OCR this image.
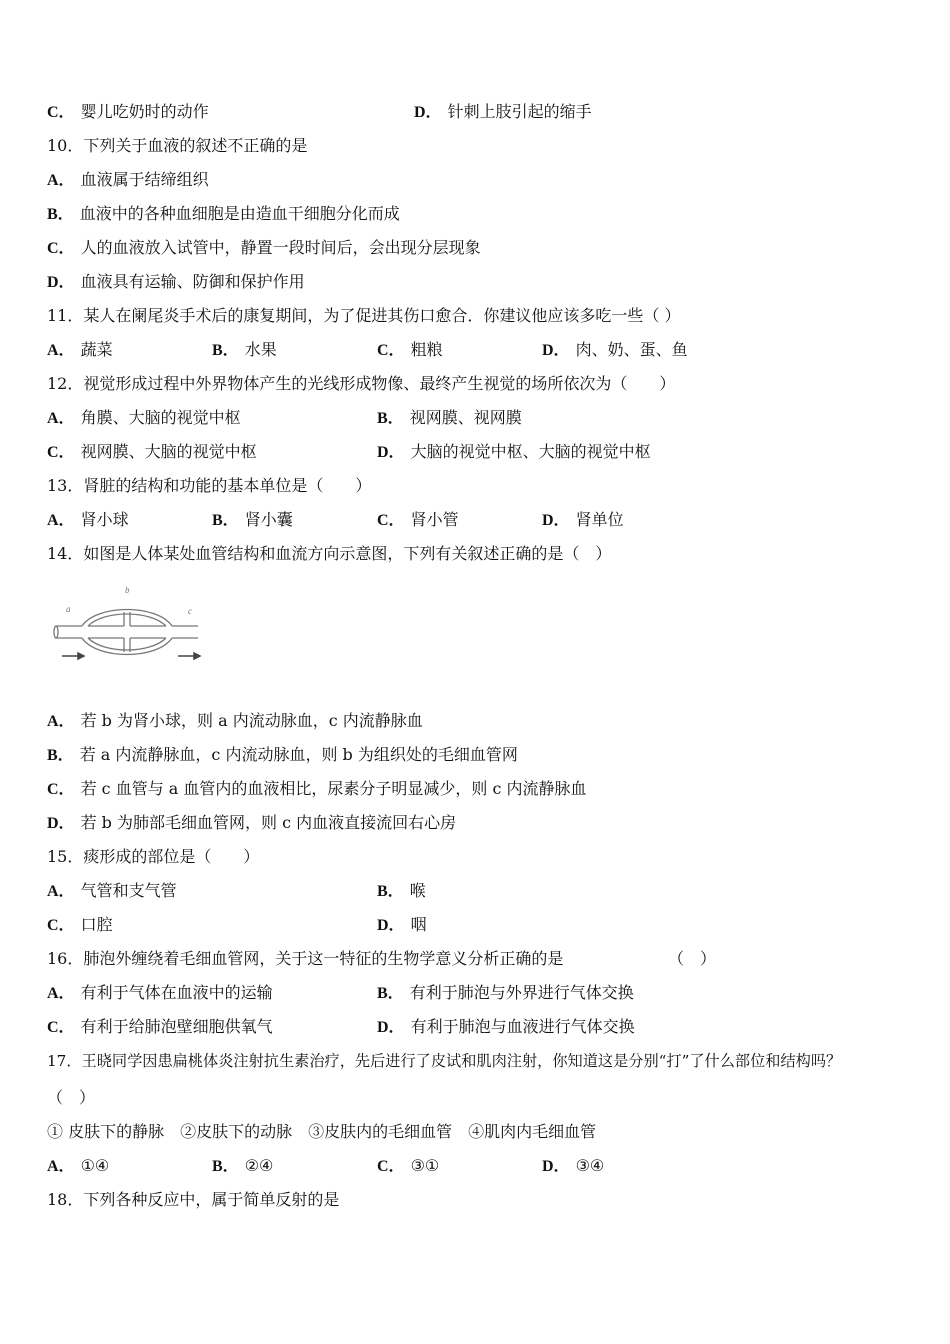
C． 婴儿吃奶时的动作	D． 针刺上肢引起的缩手
10．下列关于血液的叙述不正确的是
A． 血液属于结缔组织
B． 血液中的各种血细胞是由造血干细胞分化而成
C． 人的血液放入试管中，静置一段时间后，会出现分层现象
D． 血液具有运输、防御和保护作用
11．某人在阑尾炎手术后的康复期间，为了促进其伤口愈合．你建议他应该多吃一些（ ）
A． 蔬菜	B． 水果	C． 粗粮	D． 肉、奶、蛋、鱼
12．视觉形成过程中外界物体产生的光线形成物像、最终产生视觉的场所依次为（　　）
A． 角膜、大脑的视觉中枢	B． 视网膜、视网膜
C． 视网膜、大脑的视觉中枢	D． 大脑的视觉中枢、大脑的视觉中枢
13．肾脏的结构和功能的基本单位是（　　）
A． 肾小球	B． 肾小囊	C． 肾小管	D． 肾单位
14．如图是人体某处血管结构和血流方向示意图，下列有关叙述正确的是（　）
a
b
c
A． 若 b 为肾小球，则 a 内流动脉血，c 内流静脉血
B． 若 a 内流静脉血，c 内流动脉血，则 b 为组织处的毛细血管网
C． 若 c 血管与 a 血管内的血液相比，尿素分子明显减少，则 c 内流静脉血
D． 若 b 为肺部毛细血管网，则 c 内血液直接流回右心房
15．痰形成的部位是（　　）
A． 气管和支气管	B． 喉
C． 口腔	D． 咽
16．肺泡外缠绕着毛细血管网，关于这一特征的生物学意义分析正确的是	（　）
A． 有利于气体在血液中的运输	B． 有利于肺泡与外界进行气体交换
C． 有利于给肺泡壁细胞供氧气	D． 有利于肺泡与血液进行气体交换
17．王晓同学因患扁桃体炎注射抗生素治疗，先后进行了皮试和肌肉注射，你知道这是分别“打”了什么部位和结构吗？
（　）
① 皮肤下的静脉　②皮肤下的动脉　③皮肤内的毛细血管　④肌肉内毛细血管
A． ①④	B． ②④	C． ③①	D． ③④
18．下列各种反应中，属于简单反射的是
